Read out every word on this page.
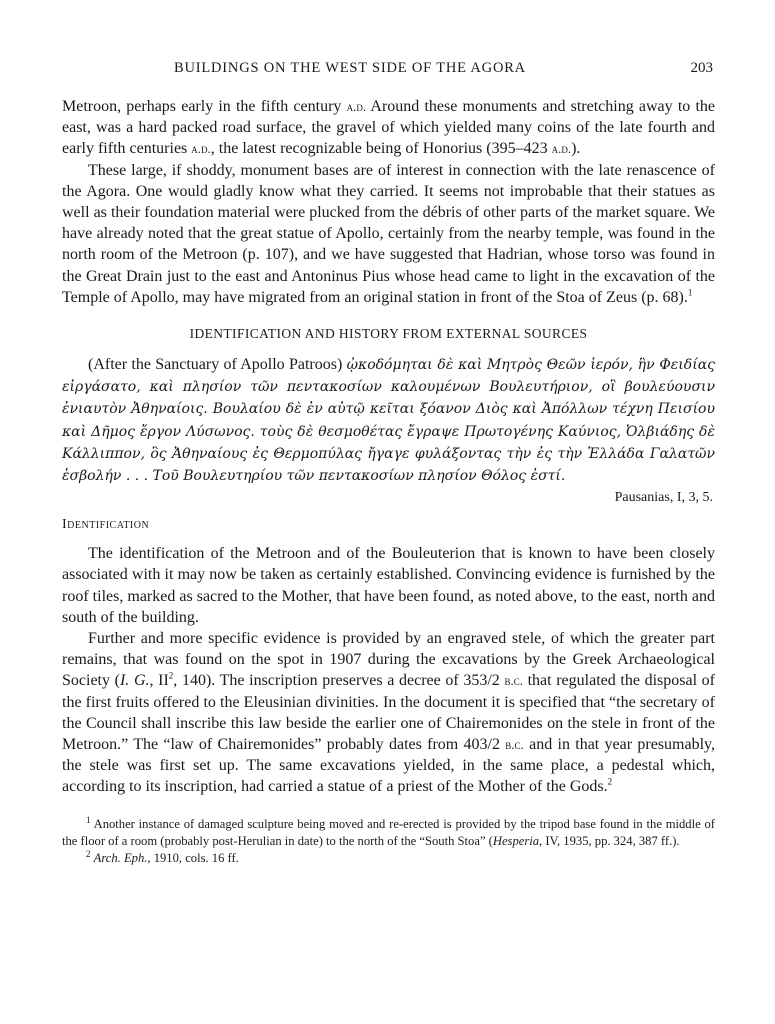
BUILDINGS ON THE WEST SIDE OF THE AGORA	203

Metroon, perhaps early in the fifth century a.d. Around these monuments and stretching away to the east, was a hard packed road surface, the gravel of which yielded many coins of the late fourth and early fifth centuries a.d., the latest recognizable being of Honorius (395–423 a.d.).

These large, if shoddy, monument bases are of interest in connection with the late renascence of the Agora. One would gladly know what they carried. It seems not improbable that their statues as well as their foundation material were plucked from the débris of other parts of the market square. We have already noted that the great statue of Apollo, certainly from the nearby temple, was found in the north room of the Metroon (p. 107), and we have suggested that Hadrian, whose torso was found in the Great Drain just to the east and Antoninus Pius whose head came to light in the excavation of the Temple of Apollo, may have migrated from an original station in front of the Stoa of Zeus (p. 68).$^1$

IDENTIFICATION AND HISTORY FROM EXTERNAL SOURCES

(After the Sanctuary of Apollo Patroos) ᾠκοδόμηται δὲ καὶ Μητρὸς Θεῶν ἱερόν, ἣν Φειδίας εἰργάσατο, καὶ πλησίον τῶν πεντακοσίων καλουμένων Βουλευτήριον, οἳ βουλεύουσιν ἐνιαυτὸν Ἀθηναίοις. Βουλαίου δὲ ἐν αὐτῷ κεῖται ξόανον Διὸς καὶ Ἀπόλλων τέχνη Πεισίου καὶ Δῆμος ἔργον Λύσωνος. τοὺς δὲ θεσμοθέτας ἔγραψε Πρωτογένης Καύνιος, Ὀλβιάδης δὲ Κάλλιππον, ὃς Ἀθηναίους ἐς Θερμοπύλας ἤγαγε φυλάξοντας τὴν ἐς τὴν Ἑλλάδα Γαλατῶν ἐσβολήν . . . Τοῦ Βουλευτηρίου τῶν πεντακοσίων πλησίον Θόλος ἐστί.

Pausanias, I, 3, 5.
Identification

The identification of the Metroon and of the Bouleuterion that is known to have been closely associated with it may now be taken as certainly established. Convincing evidence is furnished by the roof tiles, marked as sacred to the Mother, that have been found, as noted above, to the east, north and south of the building.

Further and more specific evidence is provided by an engraved stele, of which the greater part remains, that was found on the spot in 1907 during the excavations by the Greek Archaeological Society (I. G., $II^2$, 140). The inscription preserves a decree of 353/2 b.c. that regulated the disposal of the first fruits offered to the Eleusinian divinities. In the document it is specified that “the secretary of the Council shall inscribe this law beside the earlier one of Chairemonides on the stele in front of the Metroon.” The “law of Chairemonides” probably dates from 403/2 b.c. and in that year presumably, the stele was first set up. The same excavations yielded, in the same place, a pedestal which, according to its inscription, had carried a statue of a priest of the Mother of the Gods.$^2$

$^1$ Another instance of damaged sculpture being moved and re-erected is provided by the tripod base found in the middle of the floor of a room (probably post-Herulian in date) to the north of the “South Stoa” (Hesperia, IV, 1935, pp. 324, 387 ff.).

$^2$ Arch. Eph., 1910, cols. 16 ff.
